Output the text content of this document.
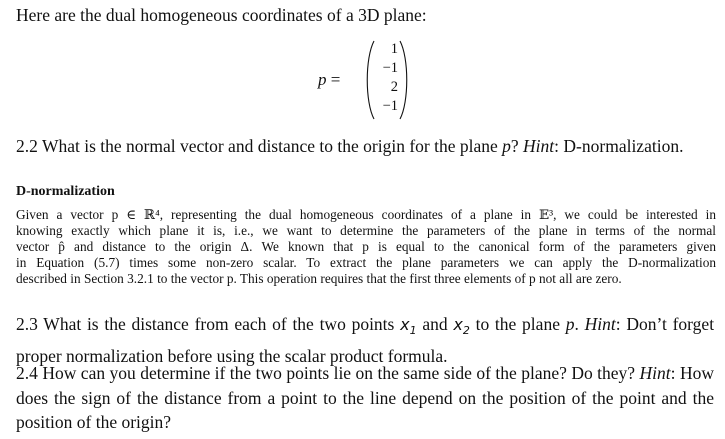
Here are the dual homogeneous coordinates of a 3D plane:
p =
1
−1
2
−1
2.2 What is the normal vector and distance to the origin for the plane p? Hint: D-normalization.
D-normalization
Given a vector p ∈ ℝ⁴, representing the dual homogeneous coordinates of a plane in 𝔼³, we could be interested in
knowing exactly which plane it is, i.e., we want to determine the parameters of the plane in terms of the normal
vector p̂ and distance to the origin Δ. We known that p is equal to the canonical form of the parameters given
in Equation (5.7) times some non-zero scalar. To extract the plane parameters we can apply the D-normalization
described in Section 3.2.1 to the vector p. This operation requires that the first three elements of p not all are zero.
2.3 What is the distance from each of the two points $x_1$ and $x_2$ to the plane p. Hint: Don’t forget
proper normalization before using the scalar product formula.
2.4 How can you determine if the two points lie on the same side of the plane? Do they? Hint: How
does the sign of the distance from a point to the line depend on the position of the point and the
position of the origin?
